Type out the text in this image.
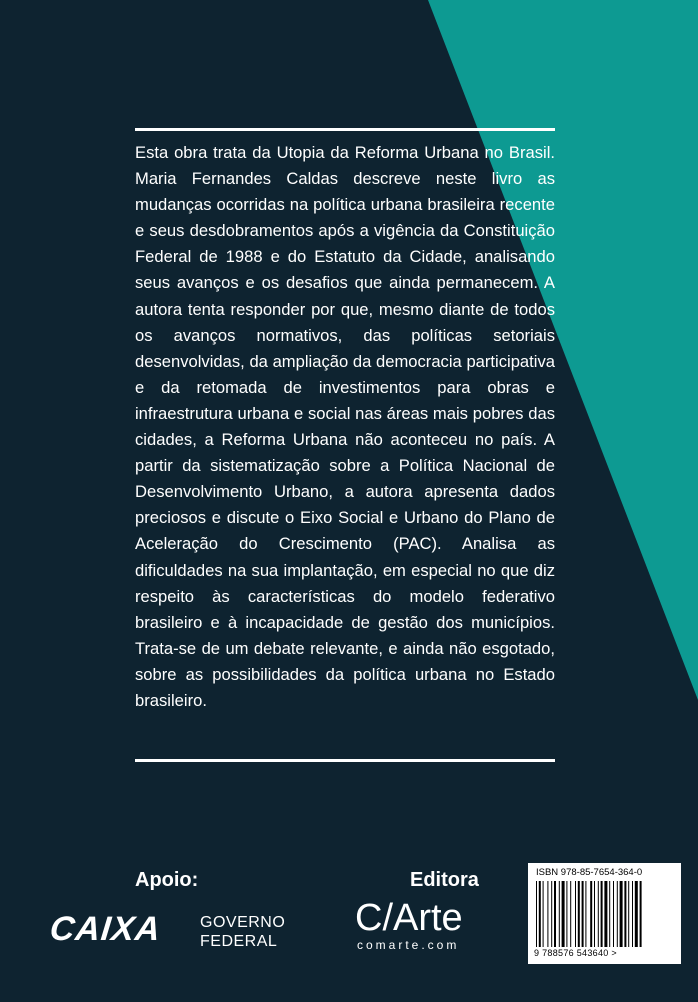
Esta obra trata da Utopia da Reforma Urbana no Brasil. Maria Fernandes Caldas descreve neste livro as mudanças ocorridas na política urbana brasileira recente e seus desdobramentos após a vigência da Constituição Federal de 1988 e do Estatuto da Cidade, analisando seus avanços e os desafios que ainda permanecem. A autora tenta responder por que, mesmo diante de todos os avanços normativos, das políticas setoriais desenvolvidas, da ampliação da democracia participativa e da retomada de investimentos para obras e infraestrutura urbana e social nas áreas mais pobres das cidades, a Reforma Urbana não aconteceu no país. A partir da sistematização sobre a Política Nacional de Desenvolvimento Urbano, a autora apresenta dados preciosos e discute o Eixo Social e Urbano do Plano de Aceleração do Crescimento (PAC). Analisa as dificuldades na sua implantação, em especial no que diz respeito às características do modelo federativo brasileiro e à incapacidade de gestão dos municípios. Trata-se de um debate relevante, e ainda não esgotado, sobre as possibilidades da política urbana no Estado brasileiro.

Apoio:
CAIXA GOVERNO
FEDERAL
Editora
C/Arte
comarte.com
ISBN 978-85-7654-364-0
9 788576 543640 >
